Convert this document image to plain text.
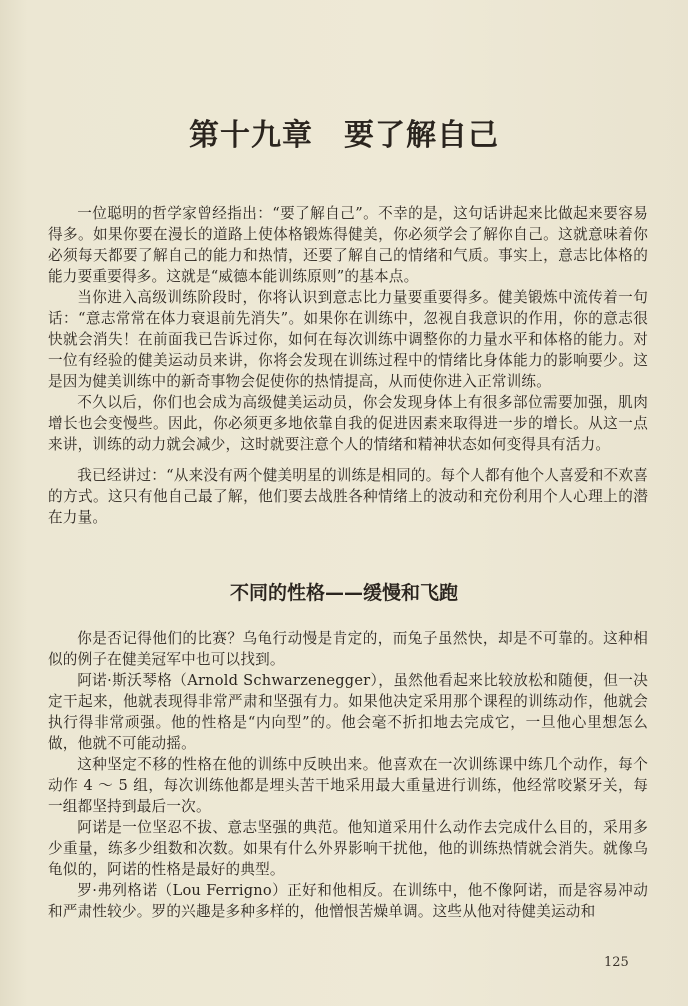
第十九章　要了解自己

一位聪明的哲学家曾经指出：“要了解自己”。不幸的是，这句话讲起来比做起来要容易得多。如果你要在漫长的道路上使体格锻炼得健美，你必须学会了解你自己。这就意味着你必须每天都要了解自己的能力和热情，还要了解自己的情绪和气质。事实上，意志比体格的能力要重要得多。这就是“威德本能训练原则”的基本点。

当你进入高级训练阶段时，你将认识到意志比力量要重要得多。健美锻炼中流传着一句话：“意志常常在体力衰退前先消失”。如果你在训练中，忽视自我意识的作用，你的意志很快就会消失！在前面我已告诉过你，如何在每次训练中调整你的力量水平和体格的能力。对一位有经验的健美运动员来讲，你将会发现在训练过程中的情绪比身体能力的影响要少。这是因为健美训练中的新奇事物会促使你的热情提高，从而使你进入正常训练。

不久以后，你们也会成为高级健美运动员，你会发现身体上有很多部位需要加强，肌肉增长也会变慢些。因此，你必须更多地依靠自我的促进因素来取得进一步的增长。从这一点来讲，训练的动力就会减少，这时就要注意个人的情绪和精神状态如何变得具有活力。

我已经讲过：“从来没有两个健美明星的训练是相同的。每个人都有他个人喜爱和不欢喜的方式。这只有他自己最了解，他们要去战胜各种情绪上的波动和充份利用个人心理上的潜在力量。

不同的性格——缓慢和飞跑

你是否记得他们的比赛？乌龟行动慢是肯定的，而兔子虽然快，却是不可靠的。这种相似的例子在健美冠军中也可以找到。

阿诺·斯沃琴格（Arnold Schwarzenegger），虽然他看起来比较放松和随便，但一决定干起来，他就表现得非常严肃和坚强有力。如果他决定采用那个课程的训练动作，他就会执行得非常顽强。他的性格是“内向型”的。他会毫不折扣地去完成它，一旦他心里想怎么做，他就不可能动摇。

这种坚定不移的性格在他的训练中反映出来。他喜欢在一次训练课中练几个动作，每个动作 4 ～ 5 组，每次训练他都是埋头苦干地采用最大重量进行训练，他经常咬紧牙关，每一组都坚持到最后一次。

阿诺是一位坚忍不拔、意志坚强的典范。他知道采用什么动作去完成什么目的，采用多少重量，练多少组数和次数。如果有什么外界影响干扰他，他的训练热情就会消失。就像乌龟似的，阿诺的性格是最好的典型。

罗·弗列格诺（Lou Ferrigno）正好和他相反。在训练中，他不像阿诺，而是容易冲动和严肃性较少。罗的兴趣是多种多样的，他憎恨苦燥单调。这些从他对待健美运动和

125
